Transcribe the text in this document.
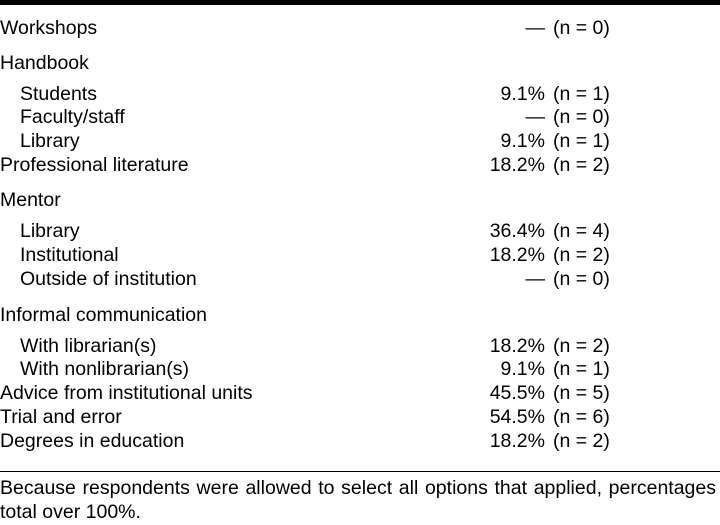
Workshops	— (n = 0)
Handbook
Students	9.1% (n = 1)
Faculty/staff	— (n = 0)
Library	9.1% (n = 1)
Professional literature	18.2% (n = 2)
Mentor
Library	36.4% (n = 4)
Institutional	18.2% (n = 2)
Outside of institution	— (n = 0)
Informal communication
With librarian(s)	18.2% (n = 2)
With nonlibrarian(s)	9.1% (n = 1)
Advice from institutional units	45.5% (n = 5)
Trial and error	54.5% (n = 6)
Degrees in education	18.2% (n = 2)
Because respondents were allowed to select all options that applied, percentages total over 100%.
